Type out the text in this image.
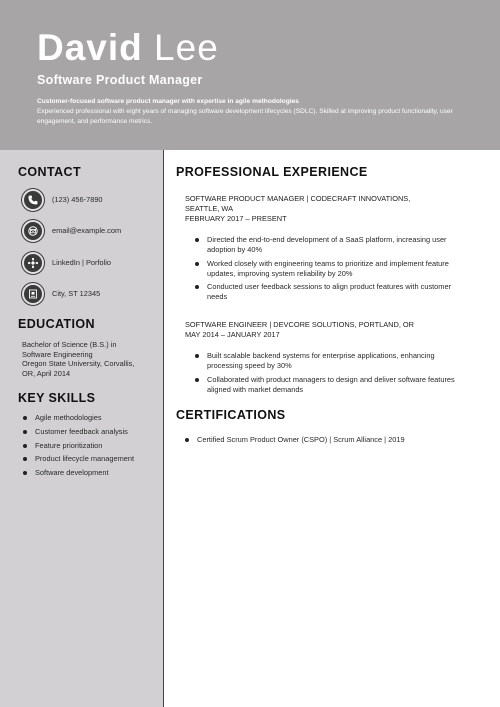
David Lee
Software Product Manager
Customer-focused software product manager with expertise in agile methodologies
Experienced professional with eight years of managing software development lifecycles (SDLC). Skilled at improving product functionality, user engagement, and performance metrics.
CONTACT
(123) 456-7890
email@example.com
LinkedIn | Porfolio
City, ST 12345
EDUCATION
Bachelor of Science (B.S.) in
Software Engineering
Oregon State University, Corvallis,
OR, April 2014
KEY SKILLS
Agile methodologies
Customer feedback analysis
Feature prioritization
Product lifecycle management
Software development
PROFESSIONAL EXPERIENCE
SOFTWARE PRODUCT MANAGER | CODECRAFT INNOVATIONS,
SEATTLE, WA
FEBRUARY 2017 – PRESENT
Directed the end-to-end development of a SaaS platform, increasing user adoption by 40%
Worked closely with engineering teams to prioritize and implement feature updates, improving system reliability by 20%
Conducted user feedback sessions to align product features with customer needs
SOFTWARE ENGINEER | DEVCORE SOLUTIONS, PORTLAND, OR
MAY 2014 – JANUARY 2017
Built scalable backend systems for enterprise applications, enhancing processing speed by 30%
Collaborated with product managers to design and deliver software features aligned with market demands
CERTIFICATIONS
Certified Scrum Product Owner (CSPO) | Scrum Alliance | 2019
